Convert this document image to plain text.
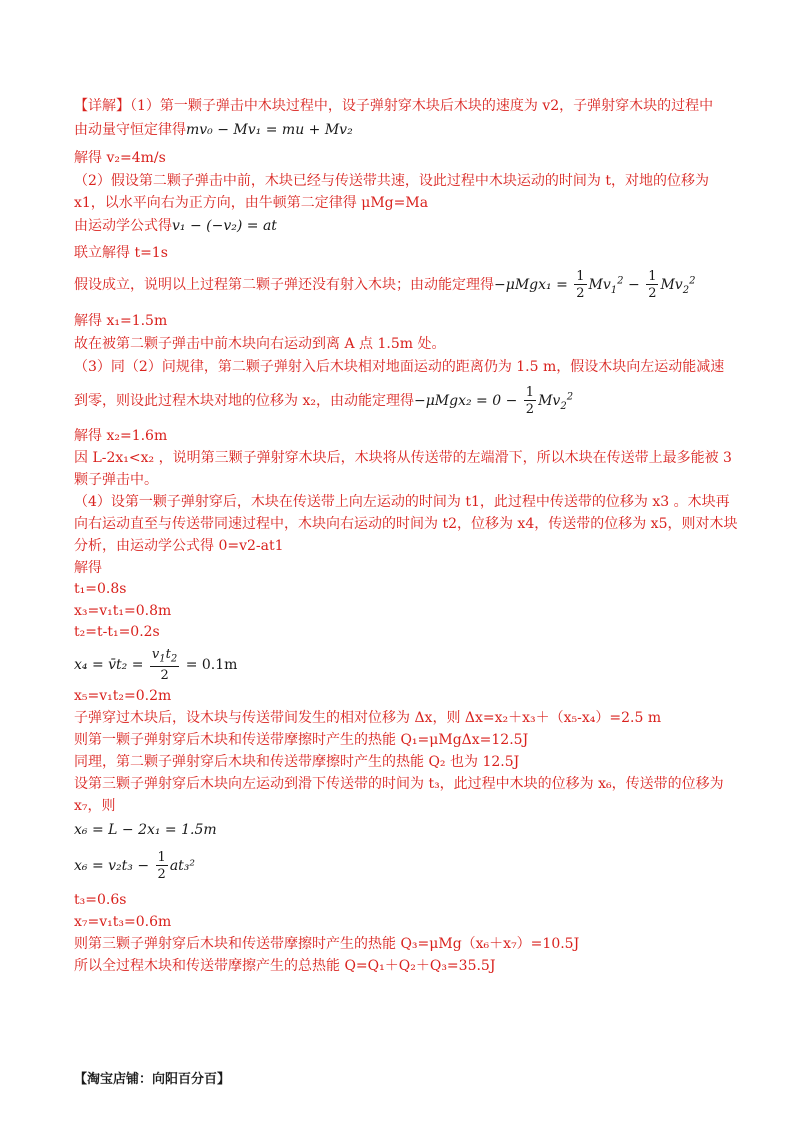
【详解】（1）第一颗子弹击中木块过程中，设子弹射穿木块后木块的速度为 v2，子弹射穿木块的过程中
由动量守恒定律得mv₀ − Mv₁ = mu + Mv₂
解得 v₂=4m/s
（2）假设第二颗子弹击中前，木块已经与传送带共速，设此过程中木块运动的时间为 t，对地的位移为
x1，以水平向右为正方向，由牛顿第二定律得 μMg=Ma
由运动学公式得v₁ − (−v₂) = at
联立解得 t=1s
假设成立，说明以上过程第二颗子弹还没有射入木块；由动能定理得$-\mu Mgx_1 = \frac{1}{2} Mv_1^2 - \frac{1}{2} Mv_2^2$
解得 x₁=1.5m
故在被第二颗子弹击中前木块向右运动到离 A 点 1.5m 处。
（3）同（2）问规律，第二颗子弹射入后木块相对地面运动的距离仍为 1.5 m，假设木块向左运动能减速
到零，则设此过程木块对地的位移为 x₂，由动能定理得$-\mu Mgx_2 = 0 - \frac{1}{2} Mv_2^2$
解得 x₂=1.6m
因 L-2x₁<x₂ ，说明第三颗子弹射穿木块后，木块将从传送带的左端滑下，所以木块在传送带上最多能被 3
颗子弹击中。
（4）设第一颗子弹射穿后，木块在传送带上向左运动的时间为 t1，此过程中传送带的位移为 x3 。木块再
向右运动直至与传送带同速过程中，木块向右运动的时间为 t2，位移为 x4，传送带的位移为 x5，则对木块
分析，由运动学公式得 0=v2-at1
解得
t₁=0.8s
x₃=v₁t₁=0.8m
t₂=t-t₁=0.2s
x₄ = v̄t₂ = $\frac{v_1t_2}{2} = 0.1m$
x₅=v₁t₂=0.2m
子弹穿过木块后，设木块与传送带间发生的相对位移为 Δx，则 Δx=x₂＋x₃＋（x₅-x₄）=2.5 m
则第一颗子弹射穿后木块和传送带摩擦时产生的热能 Q₁=μMgΔx=12.5J
同理，第二颗子弹射穿后木块和传送带摩擦时产生的热能 Q₂ 也为 12.5J
设第三颗子弹射穿后木块向左运动到滑下传送带的时间为 t₃，此过程中木块的位移为 x₆，传送带的位移为
x₇，则
x₆ = L − 2x₁ = 1.5m
$x_6 = v_2t_3 - \frac{1}{2} at_3^2$
t₃=0.6s
x₇=v₁t₃=0.6m
则第三颗子弹射穿后木块和传送带摩擦时产生的热能 Q₃=μMg（x₆＋x₇）=10.5J
所以全过程木块和传送带摩擦产生的总热能 Q=Q₁＋Q₂＋Q₃=35.5J
【淘宝店铺：向阳百分百】
